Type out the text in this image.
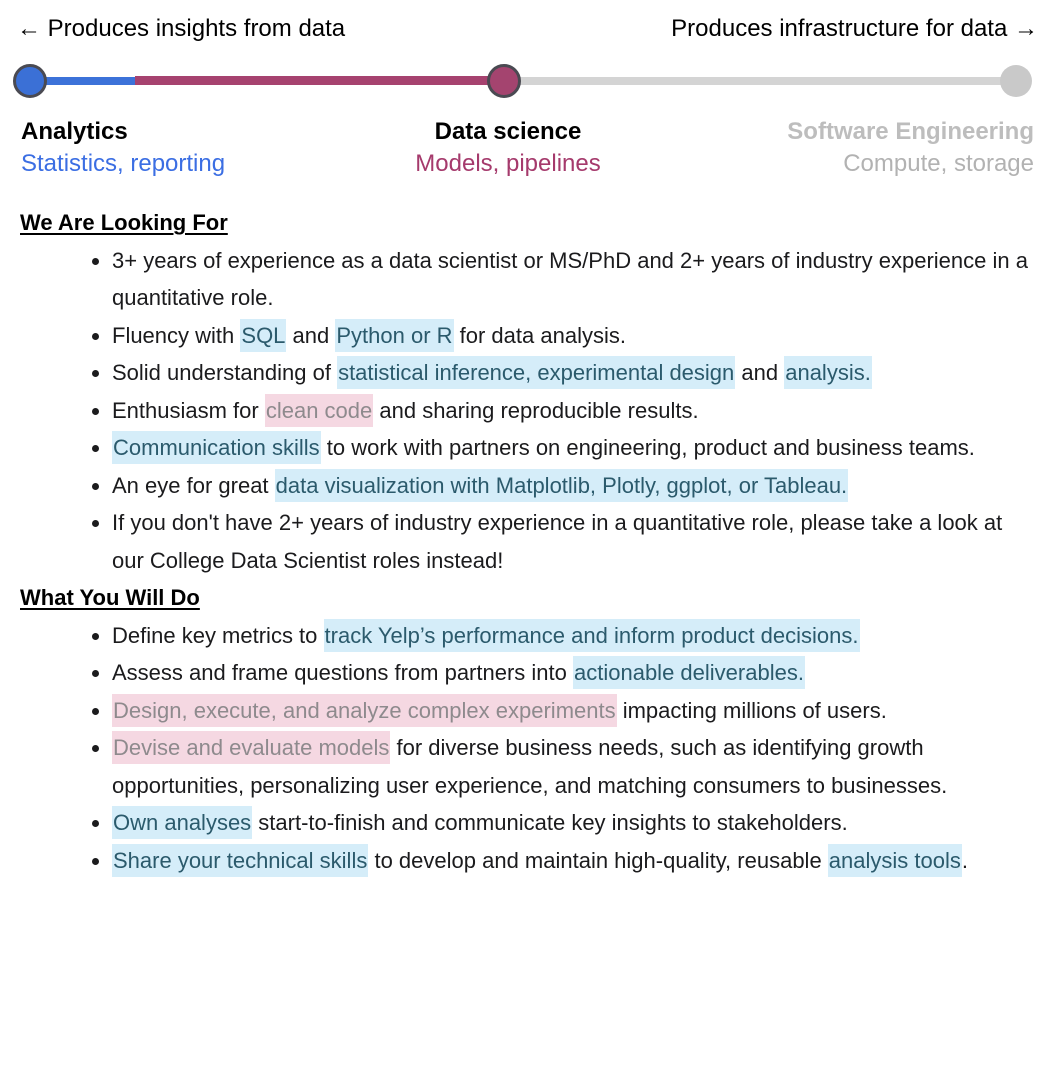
← Produces insights from data	Produces infrastructure for data →
Analytics
Statistics, reporting
Data science
Models, pipelines
Software Engineering
Compute, storage
We Are Looking For
• 3+ years of experience as a data scientist or MS/PhD and 2+ years of industry experience in a quantitative role.
• Fluency with SQL and Python or R for data analysis.
• Solid understanding of statistical inference, experimental design and analysis.
• Enthusiasm for clean code and sharing reproducible results.
• Communication skills to work with partners on engineering, product and business teams.
• An eye for great data visualization with Matplotlib, Plotly, ggplot, or Tableau.
• If you don't have 2+ years of industry experience in a quantitative role, please take a look at our College Data Scientist roles instead!
What You Will Do
• Define key metrics to track Yelp’s performance and inform product decisions.
• Assess and frame questions from partners into actionable deliverables.
• Design, execute, and analyze complex experiments impacting millions of users.
• Devise and evaluate models for diverse business needs, such as identifying growth opportunities, personalizing user experience, and matching consumers to businesses.
• Own analyses start-to-finish and communicate key insights to stakeholders.
• Share your technical skills to develop and maintain high-quality, reusable analysis tools.
